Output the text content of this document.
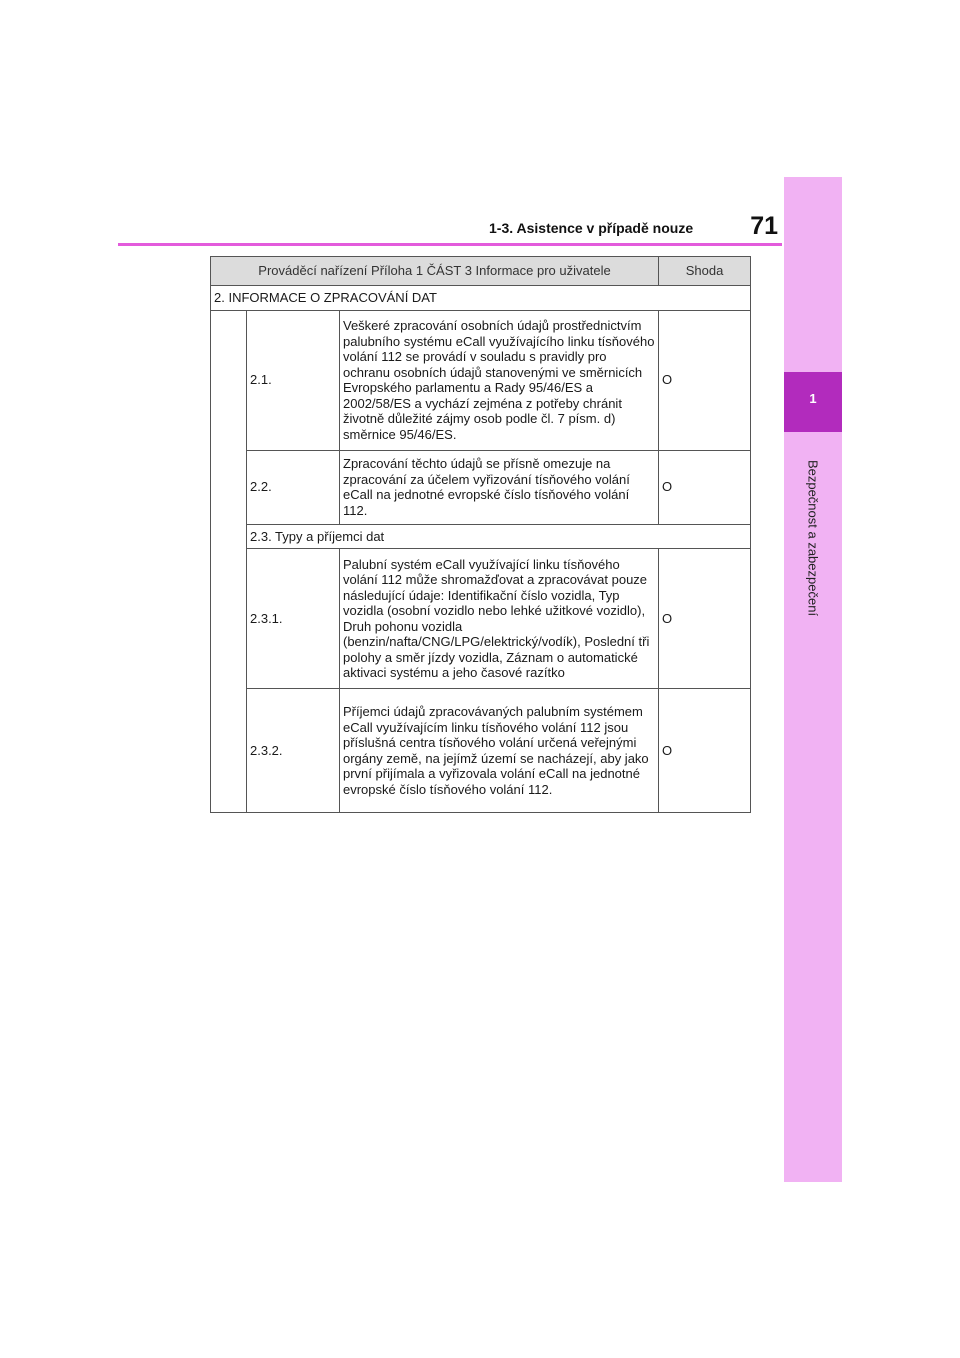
1
Bezpečnost a zabezpečení
1-3. Asistence v případě nouze	71
Prováděcí nařízení Příloha 1 ČÁST 3 Informace pro uživatele			Shoda
2. INFORMACE O ZPRACOVÁNÍ DAT			
	2.1.	Veškeré zpracování osobních údajů prostřednictvím palubního systému eCall využívajícího linku tísňového volání 112 se provádí v souladu s pravidly pro ochranu osobních údajů stanovenými ve směrnicích Evropského parlamentu a Rady 95/46/ES a 2002/58/ES a vychází zejména z potřeby chránit životně důležité zájmy osob podle čl. 7 písm. d) směrnice 95/46/ES.	O
	2.2.	Zpracování těchto údajů se přísně omezuje na zpracování za účelem vyřizování tísňového volání eCall na jednotné evropské číslo tísňového volání 112.	O
	2.3. Typy a příjemci dat		
	2.3.1.	Palubní systém eCall využívající linku tísňového volání 112 může shromažďovat a zpracovávat pouze následující údaje: Identifikační číslo vozidla, Typ vozidla (osobní vozidlo nebo lehké užitkové vozidlo), Druh pohonu vozidla (benzin/nafta/CNG/LPG/elektrický/vodík), Poslední tři polohy a směr jízdy vozidla, Záznam o automatické aktivaci systému a jeho časové razítko	O
	2.3.2.	Příjemci údajů zpracovávaných palubním systémem eCall využívajícím linku tísňového volání 112 jsou příslušná centra tísňového volání určená veřejnými orgány země, na jejímž území se nacházejí, aby jako první přijímala a vyřizovala volání eCall na jednotné evropské číslo tísňového volání 112.	O
